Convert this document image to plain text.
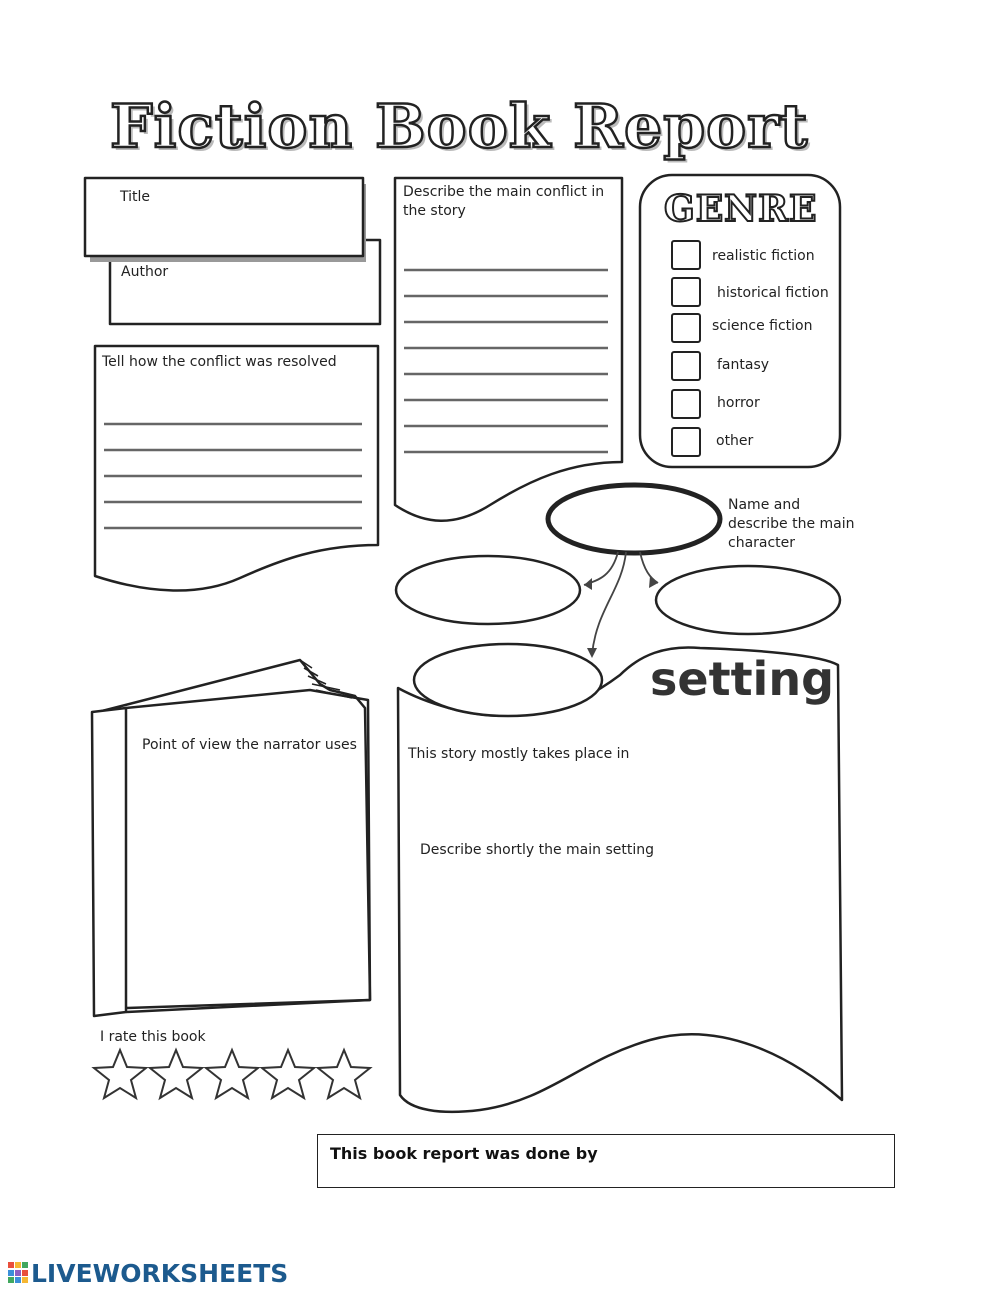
Fiction Book Report
Title
Author
Describe the main conflict in the story
Tell how the conflict was resolved
GENRE
realistic fiction
historical fiction
science fiction
fantasy
horror
other
Name and describe the main character
setting
This story mostly takes place in
Describe shortly the main setting
Point of view the narrator uses
I rate this book
This book report was done by
LIVEWORKSHEETS
